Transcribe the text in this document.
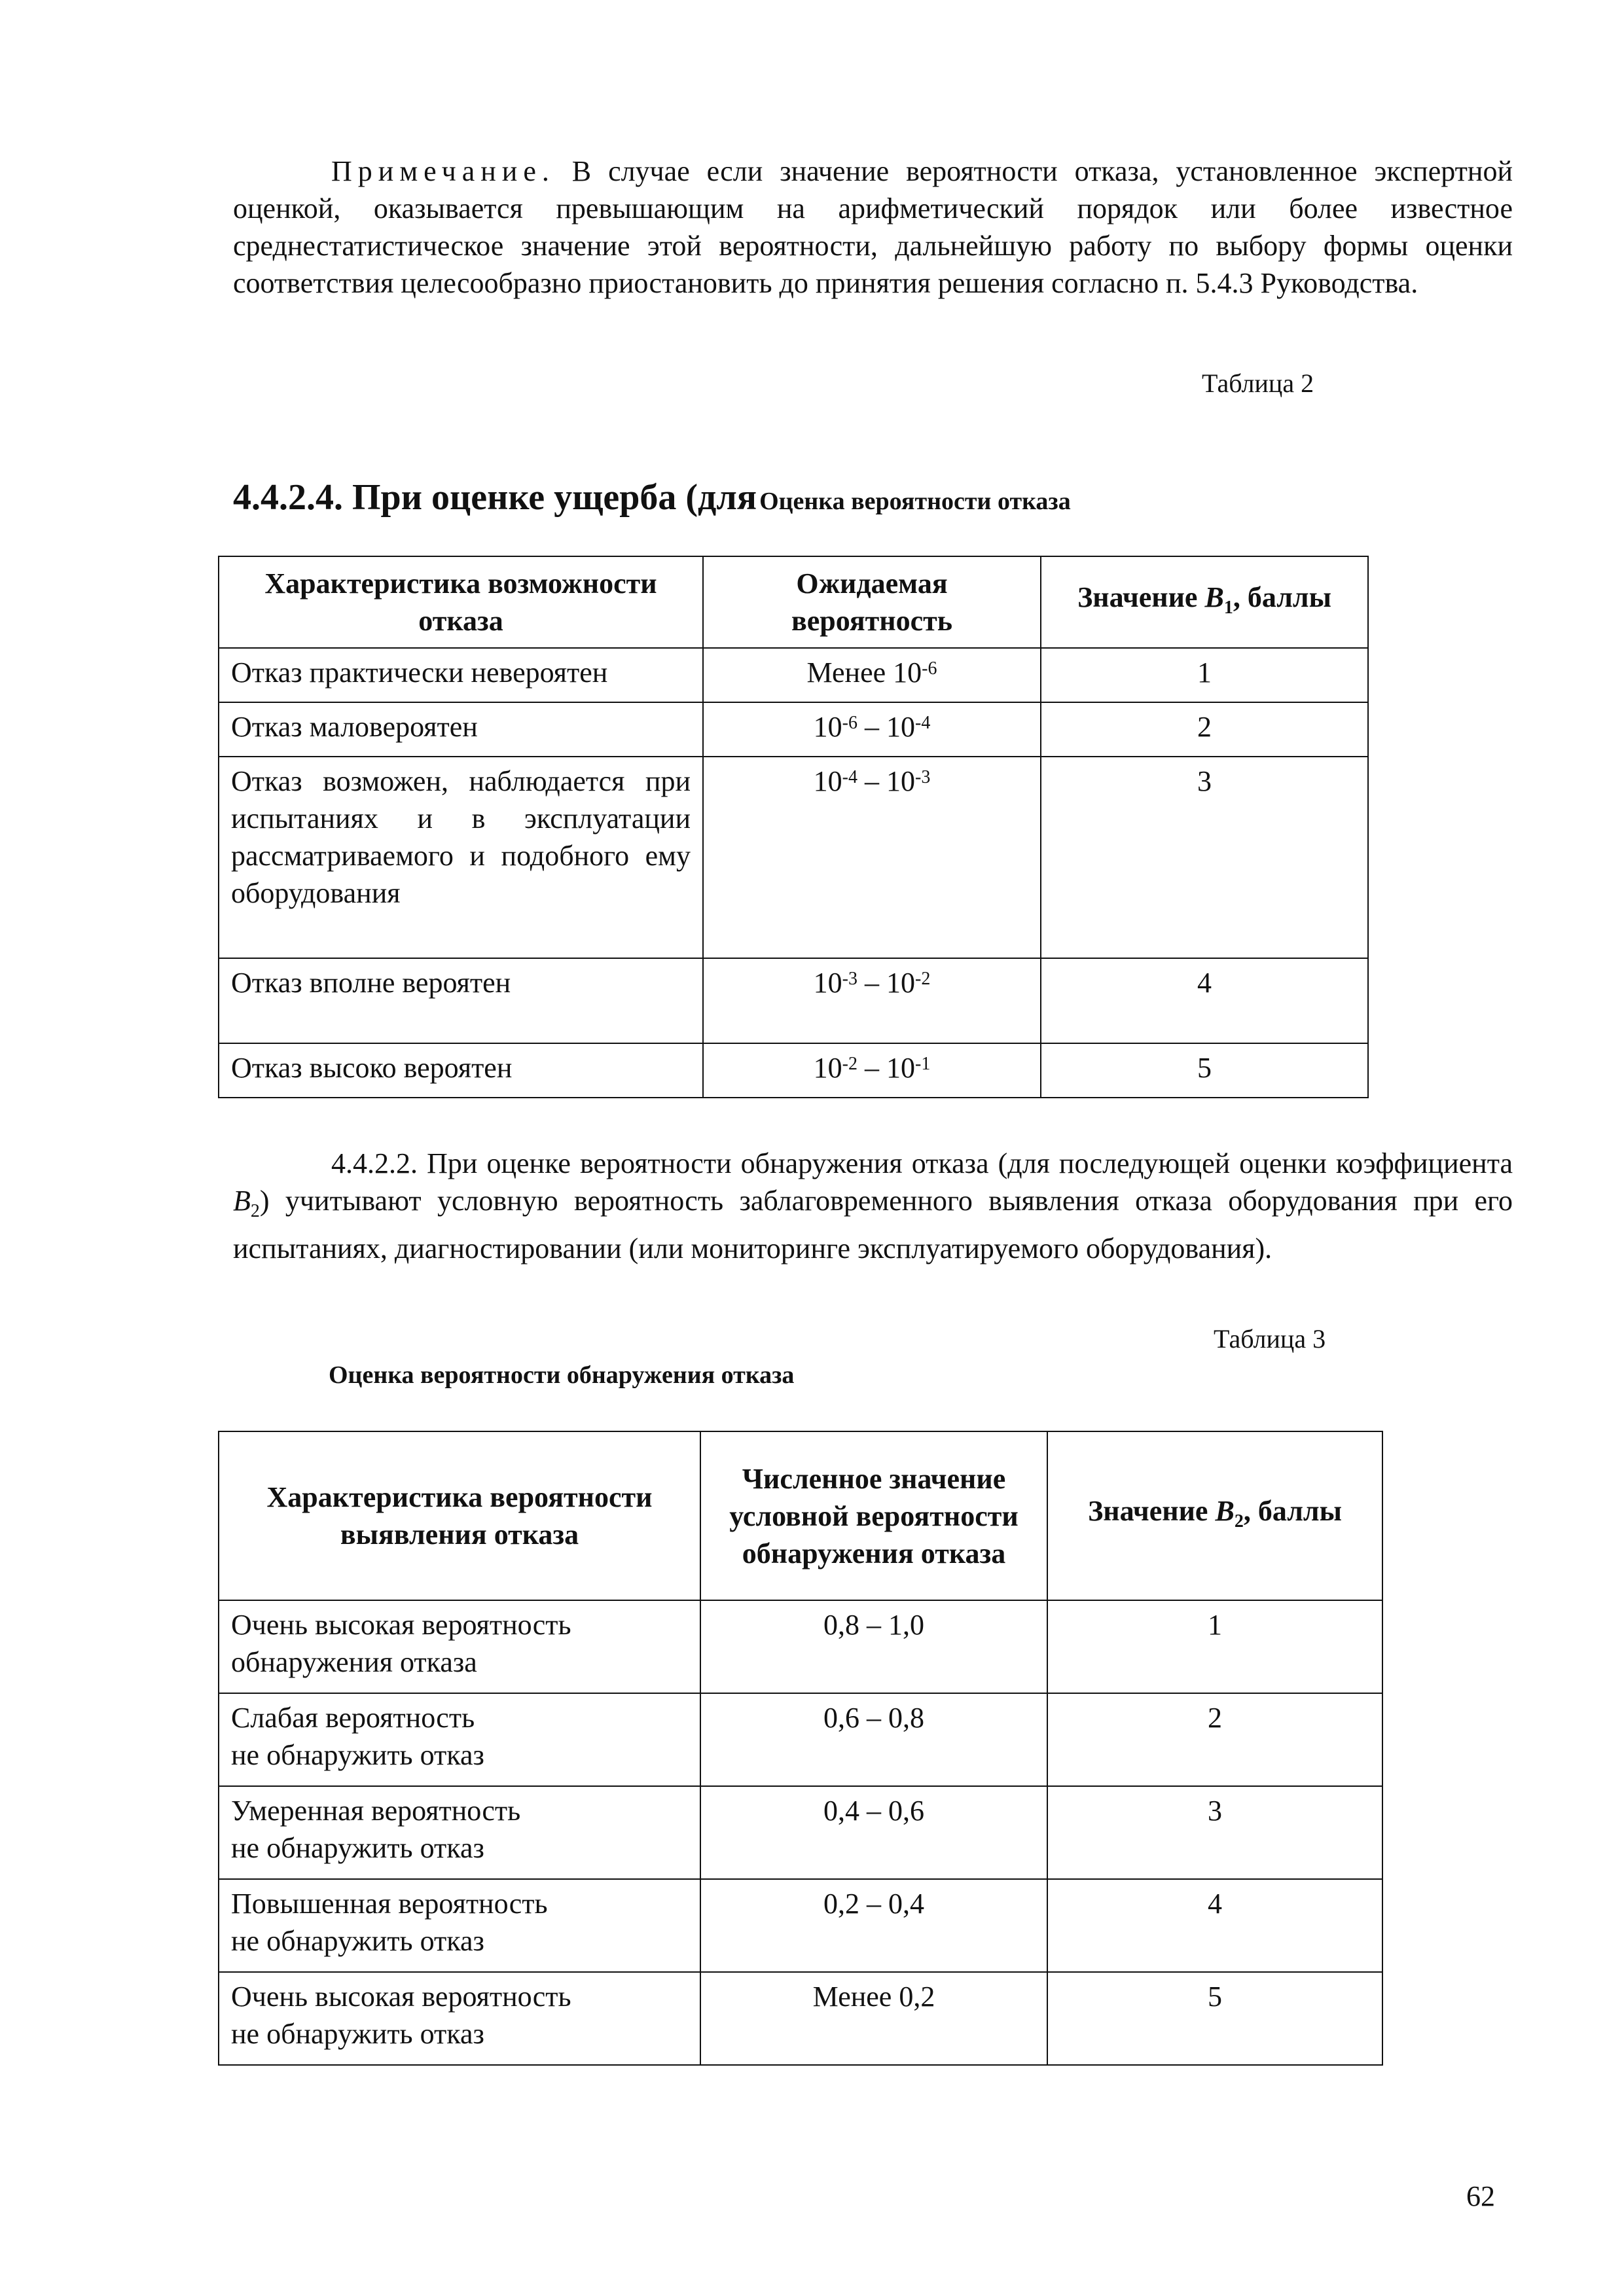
Примечание. В случае если значение вероятности отказа, установленное экспертной оценкой, оказывается превышающим на арифметический порядок или более известное среднестатистическое значение этой вероятности, дальнейшую работу по выбору формы оценки соответствия целесообразно приостановить до принятия решения согласно п. 5.4.3 Руководства.

Таблица 2
4.4.2.4. При оценке ущерба (для Оценка вероятности отказа
Характеристика возможности отказа	Ожидаемая вероятность	Значение $B_1$, баллы
Отказ практически невероятен	Менее $10^{-6}$	1
Отказ маловероятен	$10^{-6} - 10^{-4}$	2
Отказ возможен, наблюдается при испытаниях и в эксплуатации рассматриваемого и подобного ему оборудования	$10^{-4} - 10^{-3}$	3
Отказ вполне вероятен	$10^{-3} - 10^{-2}$	4
Отказ высоко вероятен	$10^{-2} - 10^{-1}$	5

4.4.2.2. При оценке вероятности обнаружения отказа (для последующей оценки коэффициента $B_2$) учитывают условную вероятность заблаговременного выявления отказа оборудования при его испытаниях, диагностировании (или мониторинге эксплуатируемого оборудования).

Таблица 3
Оценка вероятности обнаружения отказа
Характеристика вероятности выявления отказа	Численное значение условной вероятности обнаружения отказа	Значение $B_2$, баллы
Очень высокая вероятность
обнаружения отказа	0,8 – 1,0	1
Слабая вероятность
не обнаружить отказ	0,6 – 0,8	2
Умеренная вероятность
не обнаружить отказ	0,4 – 0,6	3
Повышенная вероятность
не обнаружить отказ	0,2 – 0,4	4
Очень высокая вероятность
не обнаружить отказ	Менее 0,2	5
62
